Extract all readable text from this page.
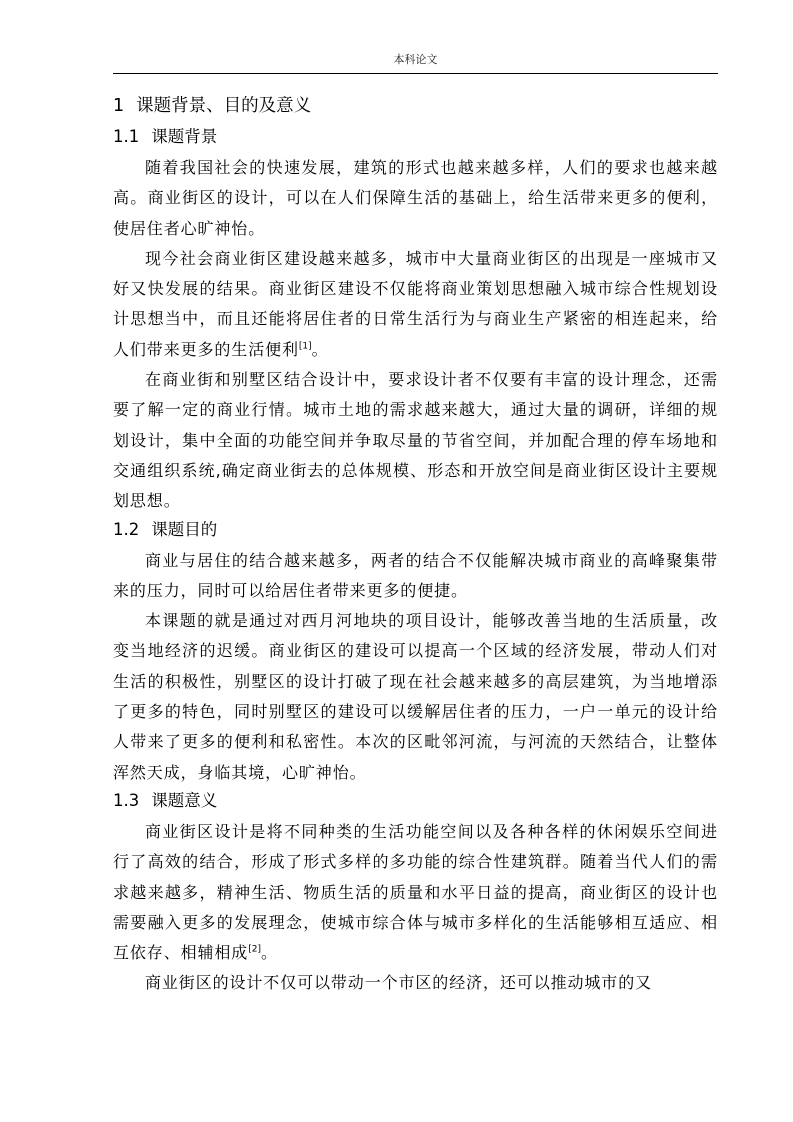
本科论文
1 课题背景、目的及意义
1.1 课题背景

随着我国社会的快速发展，建筑的形式也越来越多样，人们的要求也越来越高。商业街区的设计，可以在人们保障生活的基础上，给生活带来更多的便利，使居住者心旷神怡。

现今社会商业街区建设越来越多，城市中大量商业街区的出现是一座城市又好又快发展的结果。商业街区建设不仅能将商业策划思想融入城市综合性规划设计思想当中，而且还能将居住者的日常生活行为与商业生产紧密的相连起来，给人们带来更多的生活便利[1]。

在商业街和别墅区结合设计中，要求设计者不仅要有丰富的设计理念，还需要了解一定的商业行情。城市土地的需求越来越大，通过大量的调研，详细的规划设计，集中全面的功能空间并争取尽量的节省空间，并加配合理的停车场地和交通组织系统,确定商业街去的总体规模、形态和开放空间是商业街区设计主要规划思想。

1.2 课题目的

商业与居住的结合越来越多，两者的结合不仅能解决城市商业的高峰聚集带来的压力，同时可以给居住者带来更多的便捷。

本课题的就是通过对西月河地块的项目设计，能够改善当地的生活质量，改变当地经济的迟缓。商业街区的建设可以提高一个区域的经济发展，带动人们对生活的积极性，别墅区的设计打破了现在社会越来越多的高层建筑，为当地增添了更多的特色，同时别墅区的建设可以缓解居住者的压力，一户一单元的设计给人带来了更多的便利和私密性。本次的区毗邻河流，与河流的天然结合，让整体浑然天成，身临其境，心旷神怡。

1.3 课题意义

商业街区设计是将不同种类的生活功能空间以及各种各样的休闲娱乐空间进行了高效的结合，形成了形式多样的多功能的综合性建筑群。随着当代人们的需求越来越多，精神生活、物质生活的质量和水平日益的提高，商业街区的设计也需要融入更多的发展理念，使城市综合体与城市多样化的生活能够相互适应、相互依存、相辅相成[2]。

商业街区的设计不仅可以带动一个市区的经济，还可以推动城市的又
